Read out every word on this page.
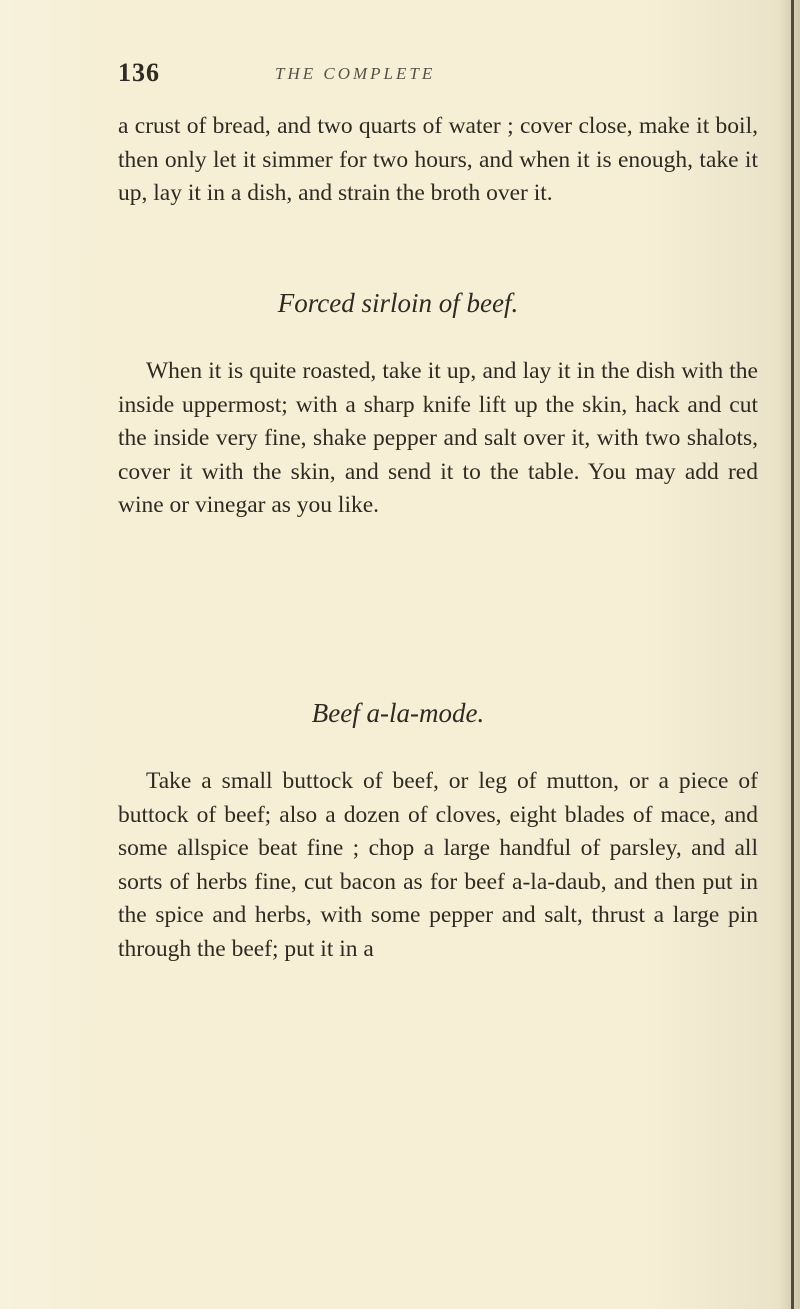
136	THE COMPLETE

a crust of bread, and two quarts of water ; cover close, make it boil, then only let it simmer for two hours, and when it is enough, take it up, lay it in a dish, and strain the broth over it.

Forced sirloin of beef.

When it is quite roasted, take it up, and lay it in the dish with the inside uppermost; with a sharp knife lift up the skin, hack and cut the inside very fine, shake pepper and salt over it, with two shalots, cover it with the skin, and send it to the table. You may add red wine or vinegar as you like.

Beef a-la-mode.

Take a small buttock of beef, or leg of mutton, or a piece of buttock of beef; also a dozen of cloves, eight blades of mace, and some allspice beat fine ; chop a large handful of parsley, and all sorts of herbs fine, cut bacon as for beef a-la-daub, and then put in the spice and herbs, with some pepper and salt, thrust a large pin through the beef; put it in a
